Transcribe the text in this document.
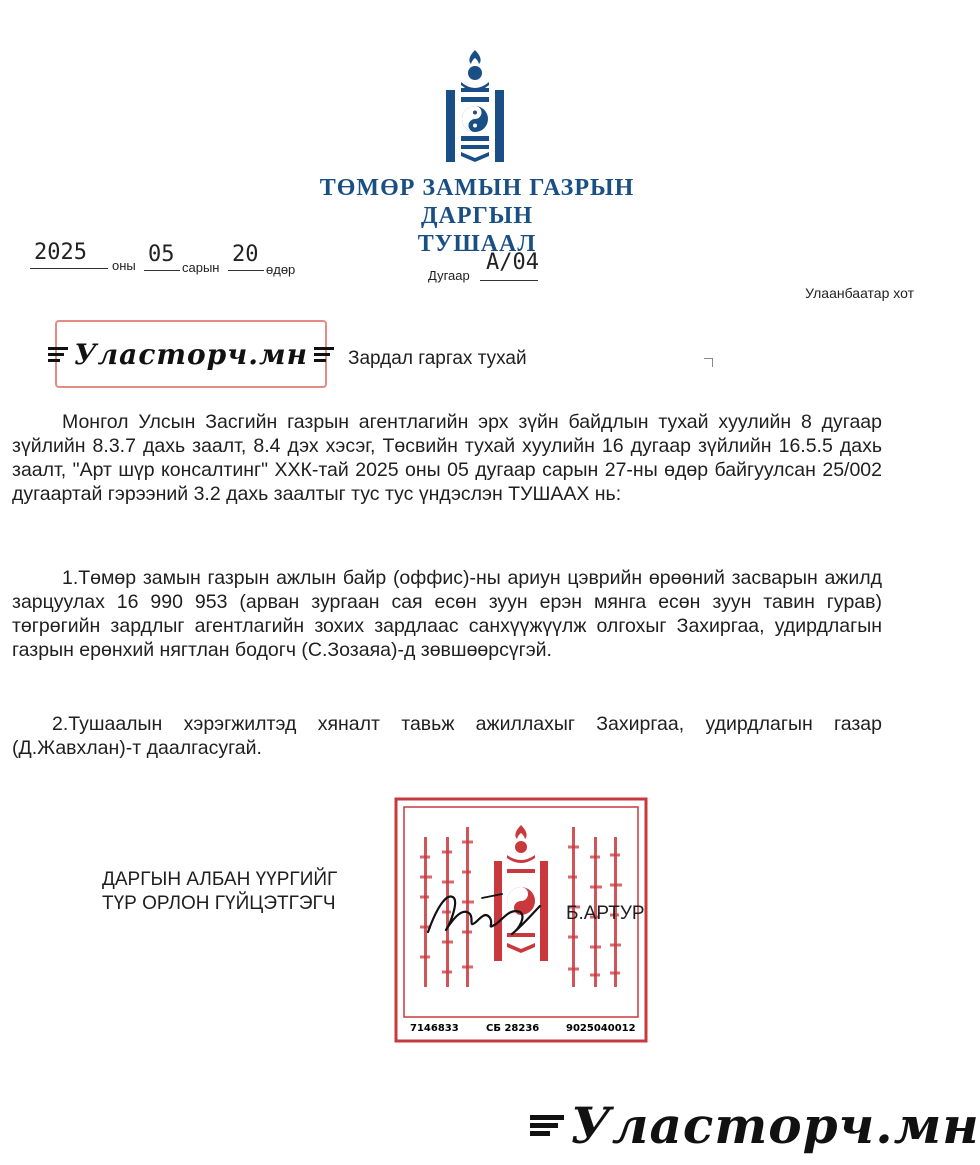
ТӨМӨР ЗАМЫН ГАЗРЫН ДАРГЫН
ТУШААЛ
2025
оны 05
сарын
20
өдөр	Дугаар
A/04
Улаанбаатар хот
Уласторч.мн Зардал гаргах тухай

Монгол Улсын Засгийн газрын агентлагийн эрх зүйн байдлын тухай хуулийн 8 дугаар зүйлийн 8.3.7 дахь заалт, 8.4 дэх хэсэг, Төсвийн тухай хуулийн 16 дугаар зүйлийн 16.5.5 дахь заалт, "Арт шүр консалтинг" ХХК-тай 2025 оны 05 дугаар сарын 27-ны өдөр байгуулсан 25/002 дугаартай гэрээний 3.2 дахь заалтыг тус тус үндэслэн ТУШААХ нь:

1.Төмөр замын газрын ажлын байр (оффис)-ны ариун цэврийн өрөөний засварын ажилд зарцуулах 16 990 953 (арван зургаан сая есөн зуун ерэн мянга есөн зуун тавин гурав) төгрөгийн зардлыг агентлагийн зохих зардлаас санхүүжүүлж олгохыг Захиргаа, удирдлагын газрын ерөнхий нягтлан бодогч (С.Зозаяа)-д зөвшөөрсүгэй.

2.Тушаалын хэрэгжилтэд хяналт тавьж ажиллахыг Захиргаа, удирдлагын газар (Д.Жавхлан)-т даалгасугай.

ДАРГЫН АЛБАН ҮҮРГИЙГ
ТҮР ОРЛОН ГҮЙЦЭТГЭГЧ
7146833	СБ 28236	9025040012
Б.АРТУР
Уласторч.мн
